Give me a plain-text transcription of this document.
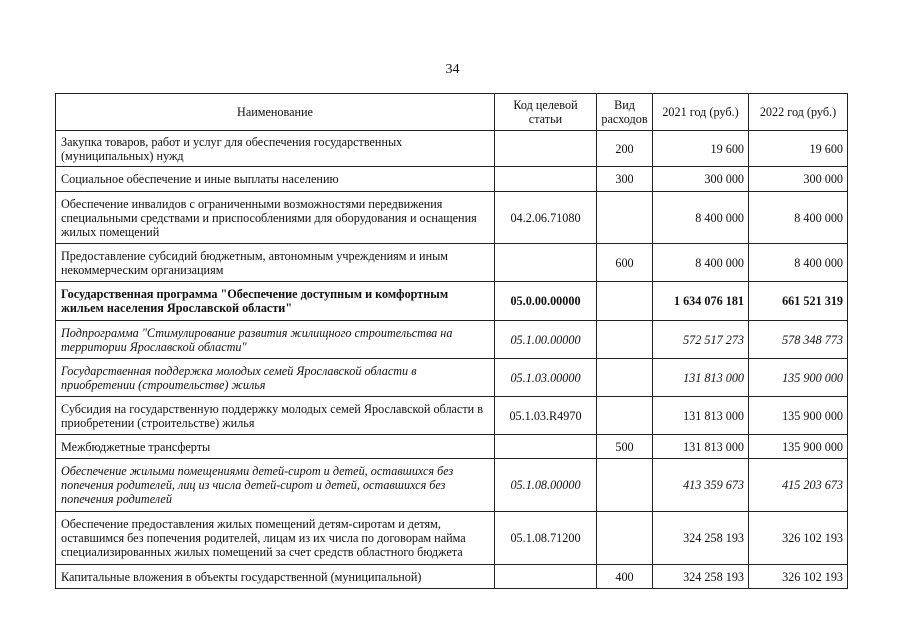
34
Наименование	Код целевой статьи	Вид расходов	2021 год (руб.)	2022 год (руб.)
Закупка товаров, работ и услуг для обеспечения государственных (муниципальных) нужд		200	19 600	19 600
Социальное обеспечение и иные выплаты населению		300	300 000	300 000
Обеспечение инвалидов с ограниченными возможностями передвижения специальными средствами и приспособлениями для оборудования и оснащения жилых помещений	04.2.06.71080		8 400 000	8 400 000
Предоставление субсидий бюджетным, автономным учреждениям и иным некоммерческим организациям		600	8 400 000	8 400 000
Государственная программа "Обеспечение доступным и комфортным жильем населения Ярославской области"	05.0.00.00000		1 634 076 181	661 521 319
Подпрограмма "Стимулирование развития жилищного строительства на территории Ярославской области"	05.1.00.00000		572 517 273	578 348 773
Государственная поддержка молодых семей Ярославской области в приобретении (строительстве) жилья	05.1.03.00000		131 813 000	135 900 000
Субсидия на государственную поддержку молодых семей Ярославской области в приобретении (строительстве) жилья	05.1.03.R4970		131 813 000	135 900 000
Межбюджетные трансферты		500	131 813 000	135 900 000
Обеспечение жилыми помещениями детей-сирот и детей, оставшихся без попечения родителей, лиц из числа детей-сирот и детей, оставшихся без попечения родителей	05.1.08.00000		413 359 673	415 203 673
Обеспечение предоставления жилых помещений детям-сиротам и детям, оставшимся без попечения родителей, лицам из их числа по договорам найма специализированных жилых помещений за счет средств областного бюджета	05.1.08.71200		324 258 193	326 102 193
Капитальные вложения в объекты государственной (муниципальной)		400	324 258 193	326 102 193
